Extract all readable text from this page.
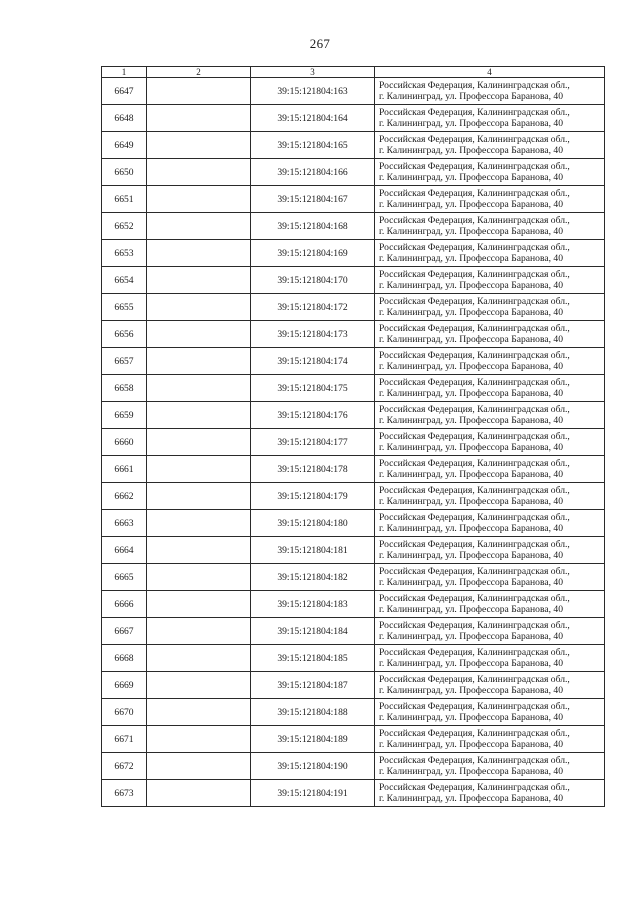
267
1	2	3	4
6647		39:15:121804:163	Российская Федерация, Калининградская обл.,
г. Калининград, ул. Профессора Баранова, 40

6648		39:15:121804:164	Российская Федерация, Калининградская обл.,
г. Калининград, ул. Профессора Баранова, 40

6649		39:15:121804:165	Российская Федерация, Калининградская обл.,
г. Калининград, ул. Профессора Баранова, 40

6650		39:15:121804:166	Российская Федерация, Калининградская обл.,
г. Калининград, ул. Профессора Баранова, 40

6651		39:15:121804:167	Российская Федерация, Калининградская обл.,
г. Калининград, ул. Профессора Баранова, 40

6652		39:15:121804:168	Российская Федерация, Калининградская обл.,
г. Калининград, ул. Профессора Баранова, 40

6653		39:15:121804:169	Российская Федерация, Калининградская обл.,
г. Калининград, ул. Профессора Баранова, 40

6654		39:15:121804:170	Российская Федерация, Калининградская обл.,
г. Калининград, ул. Профессора Баранова, 40

6655		39:15:121804:172	Российская Федерация, Калининградская обл.,
г. Калининград, ул. Профессора Баранова, 40

6656		39:15:121804:173	Российская Федерация, Калининградская обл.,
г. Калининград, ул. Профессора Баранова, 40

6657		39:15:121804:174	Российская Федерация, Калининградская обл.,
г. Калининград, ул. Профессора Баранова, 40

6658		39:15:121804:175	Российская Федерация, Калининградская обл.,
г. Калининград, ул. Профессора Баранова, 40

6659		39:15:121804:176	Российская Федерация, Калининградская обл.,
г. Калининград, ул. Профессора Баранова, 40

6660		39:15:121804:177	Российская Федерация, Калининградская обл.,
г. Калининград, ул. Профессора Баранова, 40

6661		39:15:121804:178	Российская Федерация, Калининградская обл.,
г. Калининград, ул. Профессора Баранова, 40

6662		39:15:121804:179	Российская Федерация, Калининградская обл.,
г. Калининград, ул. Профессора Баранова, 40

6663		39:15:121804:180	Российская Федерация, Калининградская обл.,
г. Калининград, ул. Профессора Баранова, 40

6664		39:15:121804:181	Российская Федерация, Калининградская обл.,
г. Калининград, ул. Профессора Баранова, 40

6665		39:15:121804:182	Российская Федерация, Калининградская обл.,
г. Калининград, ул. Профессора Баранова, 40

6666		39:15:121804:183	Российская Федерация, Калининградская обл.,
г. Калининград, ул. Профессора Баранова, 40

6667		39:15:121804:184	Российская Федерация, Калининградская обл.,
г. Калининград, ул. Профессора Баранова, 40

6668		39:15:121804:185	Российская Федерация, Калининградская обл.,
г. Калининград, ул. Профессора Баранова, 40

6669		39:15:121804:187	Российская Федерация, Калининградская обл.,
г. Калининград, ул. Профессора Баранова, 40

6670		39:15:121804:188	Российская Федерация, Калининградская обл.,
г. Калининград, ул. Профессора Баранова, 40

6671		39:15:121804:189	Российская Федерация, Калининградская обл.,
г. Калининград, ул. Профессора Баранова, 40

6672		39:15:121804:190	Российская Федерация, Калининградская обл.,
г. Калининград, ул. Профессора Баранова, 40

6673		39:15:121804:191	Российская Федерация, Калининградская обл.,
г. Калининград, ул. Профессора Баранова, 40
